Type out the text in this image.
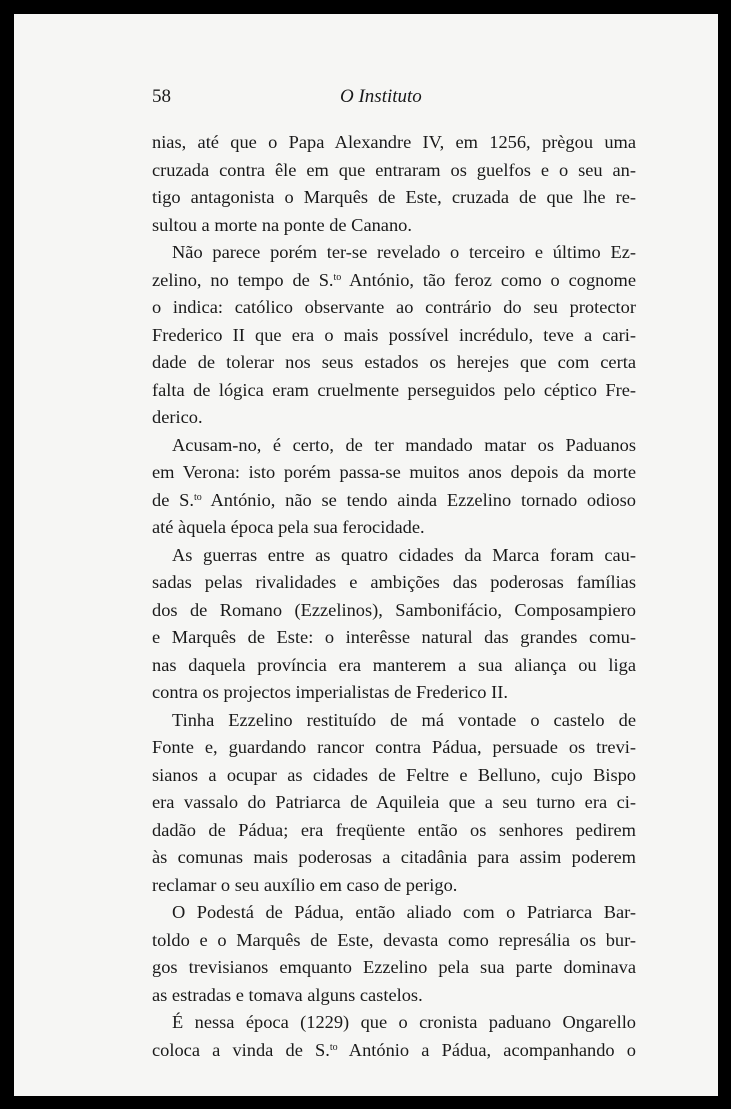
58	O Instituto
nias, até que o Papa Alexandre IV, em 1256, prègou uma
cruzada contra êle em que entraram os guelfos e o seu an-
tigo antagonista o Marquês de Este, cruzada de que lhe re-
sultou a morte na ponte de Canano.
Não parece porém ter-se revelado o terceiro e último Ez-
zelino, no tempo de S.$^{to}$ António, tão feroz como o cognome
o indica: católico observante ao contrário do seu protector
Frederico II que era o mais possível incrédulo, teve a cari-
dade de tolerar nos seus estados os herejes que com certa
falta de lógica eram cruelmente perseguidos pelo céptico Fre-
derico.
Acusam-no, é certo, de ter mandado matar os Paduanos
em Verona: isto porém passa-se muitos anos depois da morte
de S.$^{to}$ António, não se tendo ainda Ezzelino tornado odioso
até àquela época pela sua ferocidade.
As guerras entre as quatro cidades da Marca foram cau-
sadas pelas rivalidades e ambições das poderosas famílias
dos de Romano (Ezzelinos), Sambonifácio, Composampiero
e Marquês de Este: o interêsse natural das grandes comu-
nas daquela província era manterem a sua aliança ou liga
contra os projectos imperialistas de Frederico II.
Tinha Ezzelino restituído de má vontade o castelo de
Fonte e, guardando rancor contra Pádua, persuade os trevi-
sianos a ocupar as cidades de Feltre e Belluno, cujo Bispo
era vassalo do Patriarca de Aquileia que a seu turno era ci-
dadão de Pádua; era freqüente então os senhores pedirem
às comunas mais poderosas a citadânia para assim poderem
reclamar o seu auxílio em caso de perigo.
O Podestá de Pádua, então aliado com o Patriarca Bar-
toldo e o Marquês de Este, devasta como represália os bur-
gos trevisianos emquanto Ezzelino pela sua parte dominava
as estradas e tomava alguns castelos.
É nessa época (1229) que o cronista paduano Ongarello
coloca a vinda de S.$^{to}$ António a Pádua, acompanhando o
